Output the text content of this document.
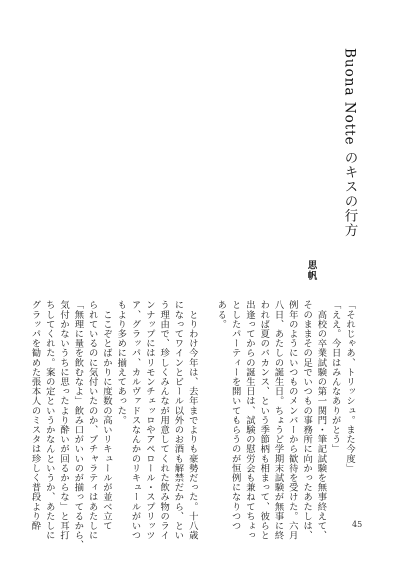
Buona Notte のキスの行方
思帆

「それじゃあ、トリッシュ。また今度」

「ええ。今日はみんなありがとう」

　高校の卒業試験の第一関門・筆記試験を無事終えて、

そのままその足でいつもの事務所に向かったあたしは、

例年のようにいつものメンバーから歓待を受けた。六月

八日、あたしの誕生日。ちょうど学期末試験が無事に終

われば夏のバカンス、という季節柄も相まって、彼らと

出逢ってからの誕生日は、試験の慰労会も兼ねてちょっ

としたパーティーを開いてもらうのが恒例になりつつ

ある。

　とりわけ今年は、去年までよりも豪勢だった。十八歳

になってワインとビール以外のお酒も解禁だから、とい

う理由で、珍しくみんなが用意してくれた飲み物のライ

ンナップにはリモンチェッロやアペロール・スプリッツ

ア、グラッパ、カルヴァドスなんかのリキュールがいつ

もより多めに揃えてあった。

　ここぞとばかりに度数の高いリキュールが並べ立て

られているのに気付いたのか、ブチャラティはあたしに

「無理に量を飲むなよ」飲み口がいいのが揃ってるから、

気付かないうちに思ったより酔いが回るからな」と耳打

ちしてくれた。案の定というかなんというか、あたしに

グラッパを勧めた張本人のミスタは珍しく普段より酔	45
